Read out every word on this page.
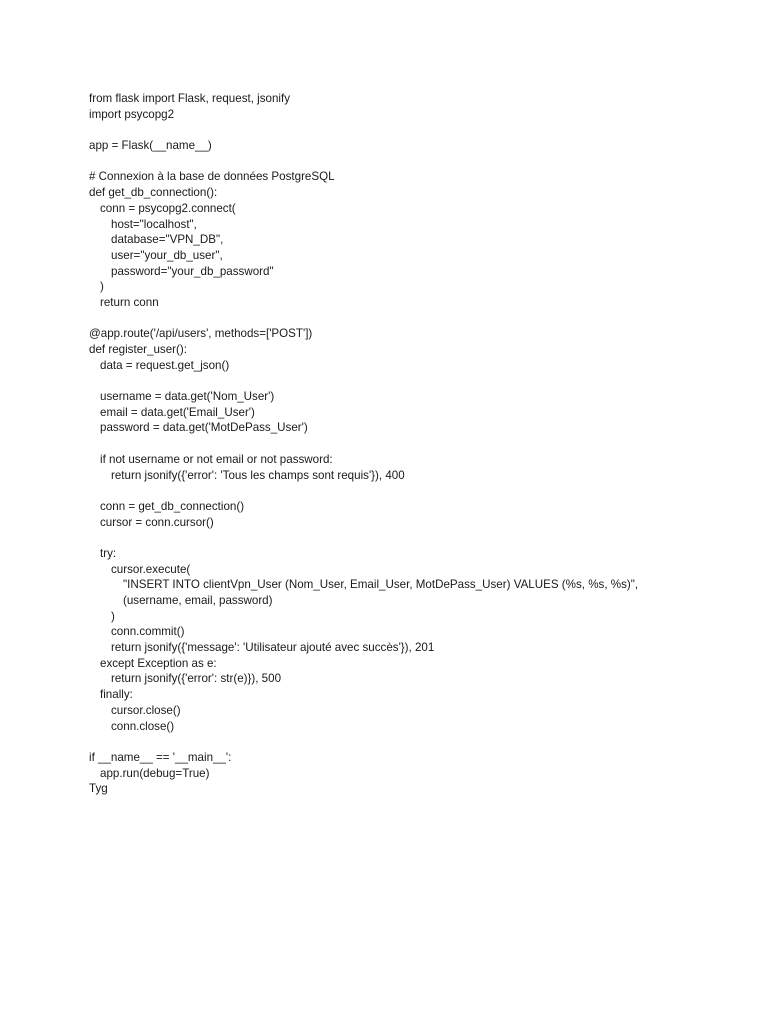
from flask import Flask, request, jsonify

import psycopg2

app = Flask(__name__)

# Connexion à la base de données PostgreSQL

def get_db_connection():

conn = psycopg2.connect(

host="localhost",

database="VPN_DB",

user="your_db_user",

password="your_db_password"

)

return conn

@app.route('/api/users', methods=['POST'])

def register_user():

data = request.get_json()

username = data.get('Nom_User')

email = data.get('Email_User')

password = data.get('MotDePass_User')

if not username or not email or not password:

return jsonify({'error': 'Tous les champs sont requis'}), 400

conn = get_db_connection()

cursor = conn.cursor()

try:

cursor.execute(

"INSERT INTO clientVpn_User (Nom_User, Email_User, MotDePass_User) VALUES (%s, %s, %s)",

(username, email, password)

)

conn.commit()

return jsonify({'message': 'Utilisateur ajouté avec succès'}), 201

except Exception as e:

return jsonify({'error': str(e)}), 500

finally:

cursor.close()

conn.close()

if __name__ == '__main__':

app.run(debug=True)

Tyg
